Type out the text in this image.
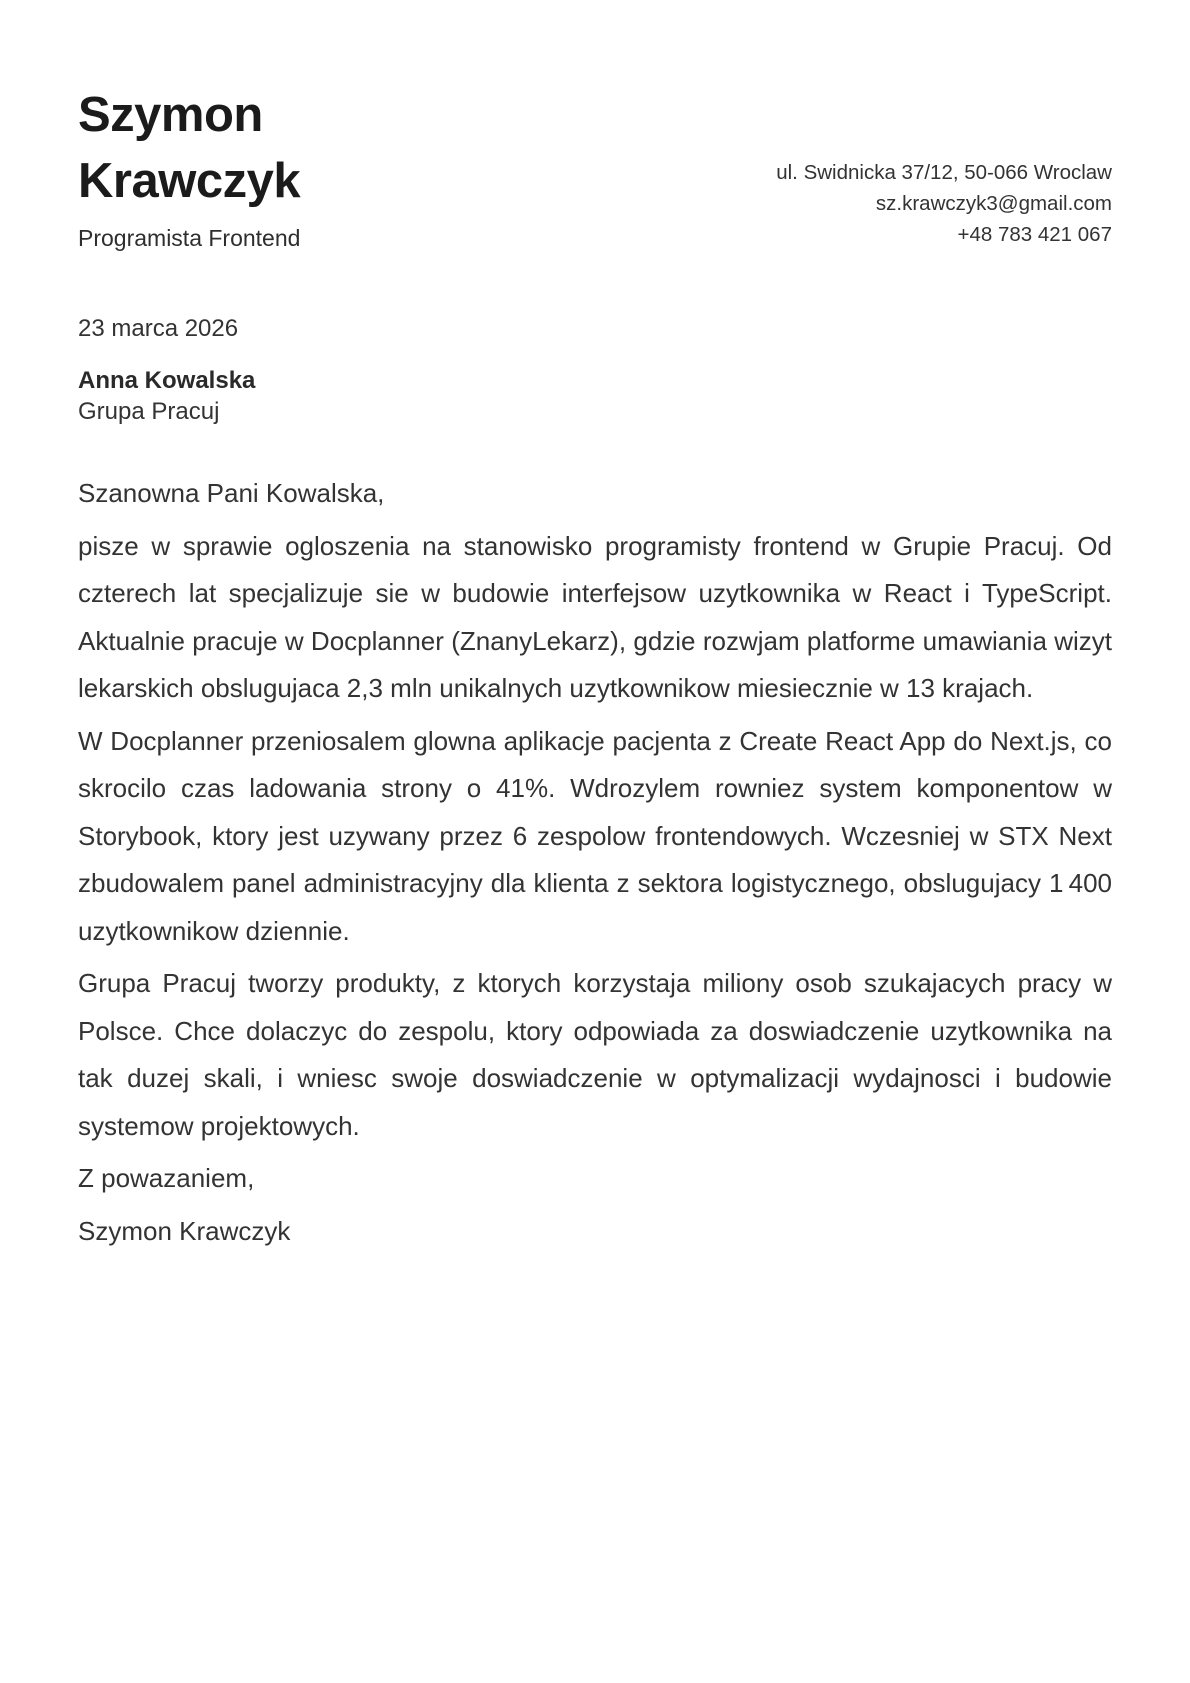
Szymon
Krawczyk
Programista Frontend
ul. Swidnicka 37/12, 50-066 Wroclaw
sz.krawczyk3@gmail.com
+48 783 421 067
23 marca 2026
Anna Kowalska
Grupa Pracuj

Szanowna Pani Kowalska,

pisze w sprawie ogloszenia na stanowisko programisty frontend w Grupie Pracuj. Od czterech lat specjalizuje sie w budowie interfejsow uzytkownika w React i TypeScript. Aktualnie pracuje w Docplanner (ZnanyLekarz), gdzie rozwjam platforme umawiania wizyt lekarskich obslugujaca 2,3 mln unikalnych uzytkownikow miesiecznie w 13 krajach.

W Docplanner przeniosalem glowna aplikacje pacjenta z Create React App do Next.js, co skrocilo czas ladowania strony o 41%. Wdrozylem rowniez system komponentow w Storybook, ktory jest uzywany przez 6 zespolow frontendowych. Wczesniej w STX Next zbudowalem panel administracyjny dla klienta z sektora logistycznego, obslugujacy 1 400 uzytkownikow dziennie.

Grupa Pracuj tworzy produkty, z ktorych korzystaja miliony osob szukajacych pracy w Polsce. Chce dolaczyc do zespolu, ktory odpowiada za doswiadczenie uzytkownika na tak duzej skali, i wniesc swoje doswiadczenie w optymalizacji wydajnosci i budowie systemow projektowych.

Z powazaniem,

Szymon Krawczyk
